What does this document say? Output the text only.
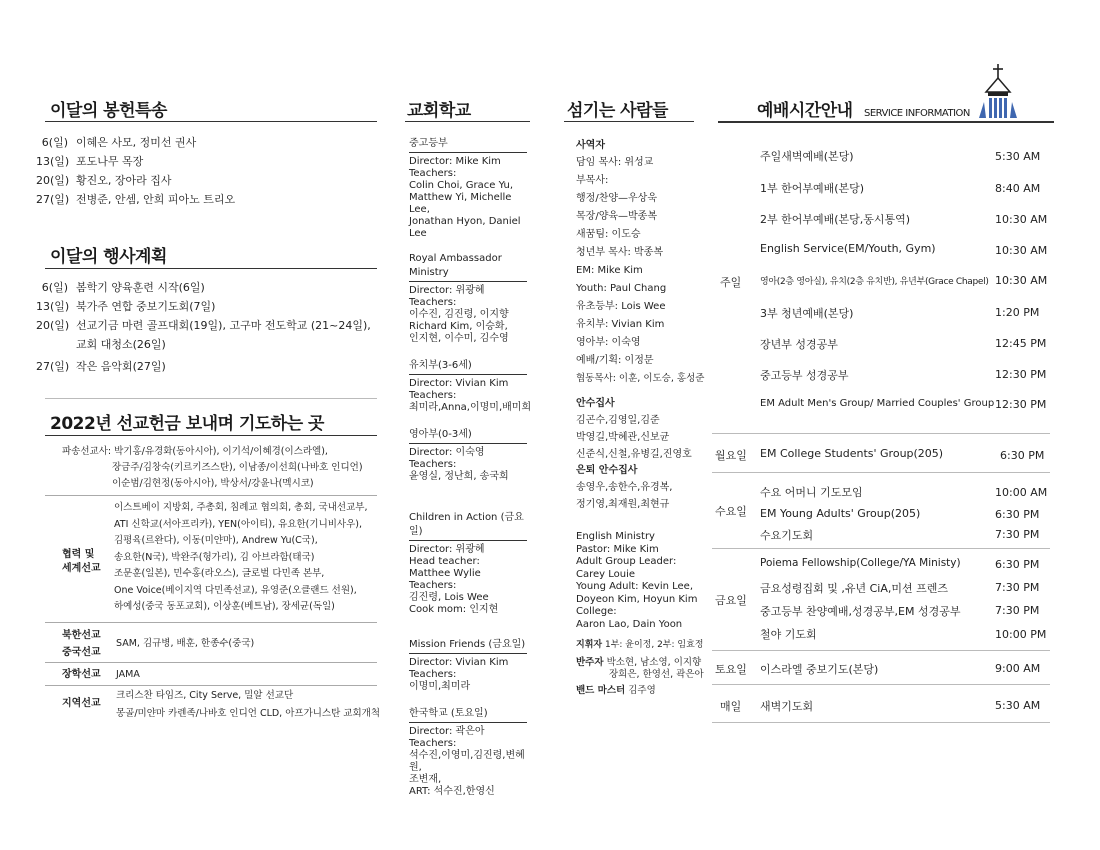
이달의 봉헌특송
6(일) 이혜은 사모, 정미선 권사
13(일) 포도나무 목장
20(일) 황진오, 장아라 집사
27(일) 전병준, 안셈, 안희 피아노 트리오
이달의 행사계획
6(일) 봄학기 양육훈련 시작(6일)
13(일) 북가주 연합 중보기도회(7일)
20(일) 선교기금 마련 골프대회(19일), 고구마 전도학교 (21~24일),
교회 대청소(26일)
27(일) 작은 음악회(27일)
2022년 선교헌금 보내며 기도하는 곳
파송선교사: 박기홍/유경화(동아시아), 이기석/이혜경(이스라엘),
장금주/김창숙(키르키즈스탄), 이남종/이선희(나바호 인디언)
이순범/김현정(동아시아), 박상서/강윤나(멕시코)
협력 및
세계선교
이스트베이 지방회, 주총회, 침례교 협의회, 총회, 국내선교부,
ATI 신학교(서아프리카), YEN(아이티), 유요한(기니비사우),
김평육(르완다), 이동(미얀마), Andrew Yu(C국),
송요한(N국), 박완주(헝가리), 김 아브라함(태국)
조문훈(일본), 민수홍(라오스), 글로벌 다민족 본부,
One Voice(베이지역 다민족선교), 유영준(오클랜드 선원),
하예성(중국 동포교회), 이상훈(베트남), 장세균(독일)
북한선교
중국선교
SAM, 김규병, 배훈, 한종수(중국)
장학선교 JAMA
지역선교
크리스찬 타임즈, City Serve, 밀알 선교단
몽골/미얀마 카렌족/나바호 인디언 CLD, 아프가니스탄 교회개척
교회학교
중고등부
Director: Mike Kim
Teachers:
Colin Choi, Grace Yu,
Matthew Yi, Michelle Lee,
Jonathan Hyon, Daniel Lee
Royal Ambassador Ministry
Director: 위광혜
Teachers:
이수진, 김진령, 이지향
Richard Kim, 이승화,
인지현, 이수미, 김수영
유치부(3-6세)
Director: Vivian Kim
Teachers:
최미라,Anna,이명미,배미희
영아부(0-3세)
Director: 이숙영
Teachers:
윤영실, 정난희, 송국희
Children in Action (금요일)
Director: 위광혜
Head teacher:
Matthee Wylie
Teachers:
김진령, Lois Wee
Cook mom: 인지현
Mission Friends (금요일)
Director: Vivian Kim
Teachers:
이명미,최미라
한국학교 (토요일)
Director: 곽은아
Teachers:
석수진,이영미,김진령,변혜원,
조변재,
ART: 석수진,한영신
섬기는 사람들
사역자
담임 목사: 위성교
부목사:
행정/찬양—우상욱
목장/양육—박종복
새꿈팀: 이도승
청년부 목사: 박종복
EM: Mike Kim
Youth: Paul Chang
유초등부: Lois Wee
유치부: Vivian Kim
영아부: 이숙영
예배/기획: 이정문
협동목사: 이훈, 이도승, 홍성준
안수집사
김곤수,김영일,김준
박영길,박혜관,신보균
신준식,신철,유병길,진영호
은퇴 안수집사
송영우,송한수,유경복,
정기영,최재원,최현규
English Ministry
Pastor: Mike Kim
Adult Group Leader:
Carey Louie
Young Adult: Kevin Lee,
Doyeon Kim, Hoyun Kim
College:
Aaron Lao, Dain Yoon
지휘자 1부: 윤이정, 2부: 임효정
반주자 박소현, 남소영, 이지향
장희은, 한영선, 곽은아
밴드 마스터 김주영
예배시간안내 SERVICE INFORMATION
주일
주일새벽예배(본당)	5:30 AM
1부 한어부예배(본당)	8:40 AM
2부 한어부예배(본당,동시통역)	10:30 AM
English Service(EM/Youth, Gym)	10:30 AM
영아(2층 영아실), 유치(2층 유치반), 유년부(Grace Chapel) 10:30 AM
3부 청년예배(본당)	1:20 PM
장년부 성경공부	12:45 PM
중고등부 성경공부	12:30 PM
EM Adult Men's Group/ Married Couples' Group 12:30 PM
월요일 EM College Students' Group(205)	6:30 PM
수요일
수요 어머니 기도모임	10:00 AM
EM Young Adults' Group(205)	6:30 PM
수요기도회	7:30 PM
금요일
Poiema Fellowship(College/YA Ministy)	6:30 PM
금요성령집회 및 ,유년 CiA,미션 프렌즈	7:30 PM
중고등부 찬양예배,성경공부,EM 성경공부	7:30 PM
철야 기도회	10:00 PM
토요일 이스라엘 중보기도(본당)	9:00 AM
매일 새벽기도회	5:30 AM
